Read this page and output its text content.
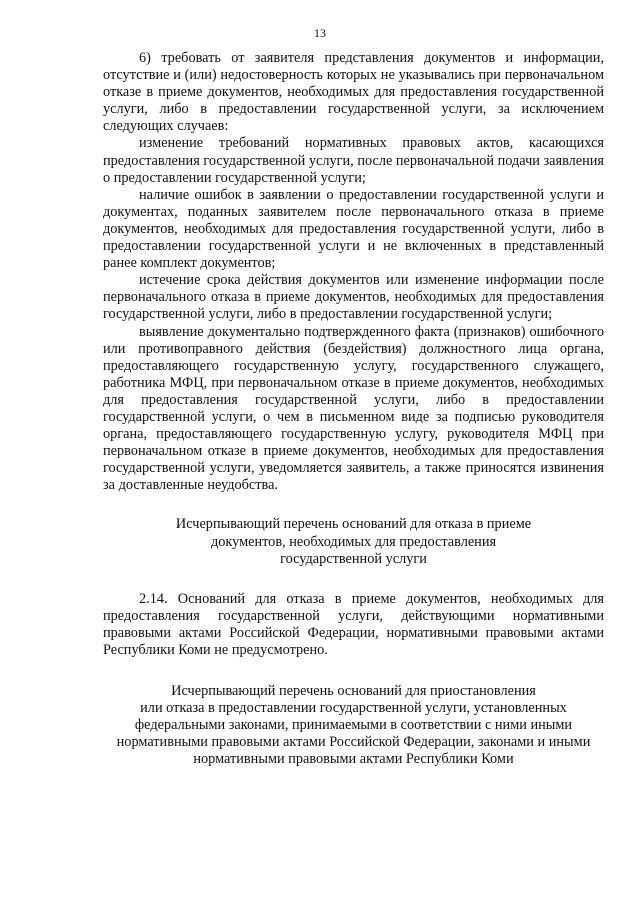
13

6) требовать от заявителя представления документов и информации, отсутствие и (или) недостоверность которых не указывались при первоначальном отказе в приеме документов, необходимых для предоставления государственной услуги, либо в предоставлении государственной услуги, за исключением следующих случаев:

изменение требований нормативных правовых актов, касающихся предоставления государственной услуги, после первоначальной подачи заявления о предоставлении государственной услуги;

наличие ошибок в заявлении о предоставлении государственной услуги и документах, поданных заявителем после первоначального отказа в приеме документов, необходимых для предоставления государственной услуги, либо в предоставлении государственной услуги и не включенных в представленный ранее комплект документов;

истечение срока действия документов или изменение информации после первоначального отказа в приеме документов, необходимых для предоставления государственной услуги, либо в предоставлении государственной услуги;

выявление документально подтвержденного факта (признаков) ошибочного или противоправного действия (бездействия) должностного лица органа, предоставляющего государственную услугу, государственного служащего, работника МФЦ, при первоначальном отказе в приеме документов, необходимых для предоставления государственной услуги, либо в предоставлении государственной услуги, о чем в письменном виде за подписью руководителя органа, предоставляющего государственную услугу, руководителя МФЦ при первоначальном отказе в приеме документов, необходимых для предоставления государственной услуги, уведомляется заявитель, а также приносятся извинения за доставленные неудобства.

Исчерпывающий перечень оснований для отказа в приеме
документов, необходимых для предоставления
государственной услуги

2.14. Оснований для отказа в приеме документов, необходимых для предоставления государственной услуги, действующими нормативными правовыми актами Российской Федерации, нормативными правовыми актами Республики Коми не предусмотрено.

Исчерпывающий перечень оснований для приостановления
или отказа в предоставлении государственной услуги, установленных
федеральными законами, принимаемыми в соответствии с ними иными
нормативными правовыми актами Российской Федерации, законами и иными
нормативными правовыми актами Республики Коми
